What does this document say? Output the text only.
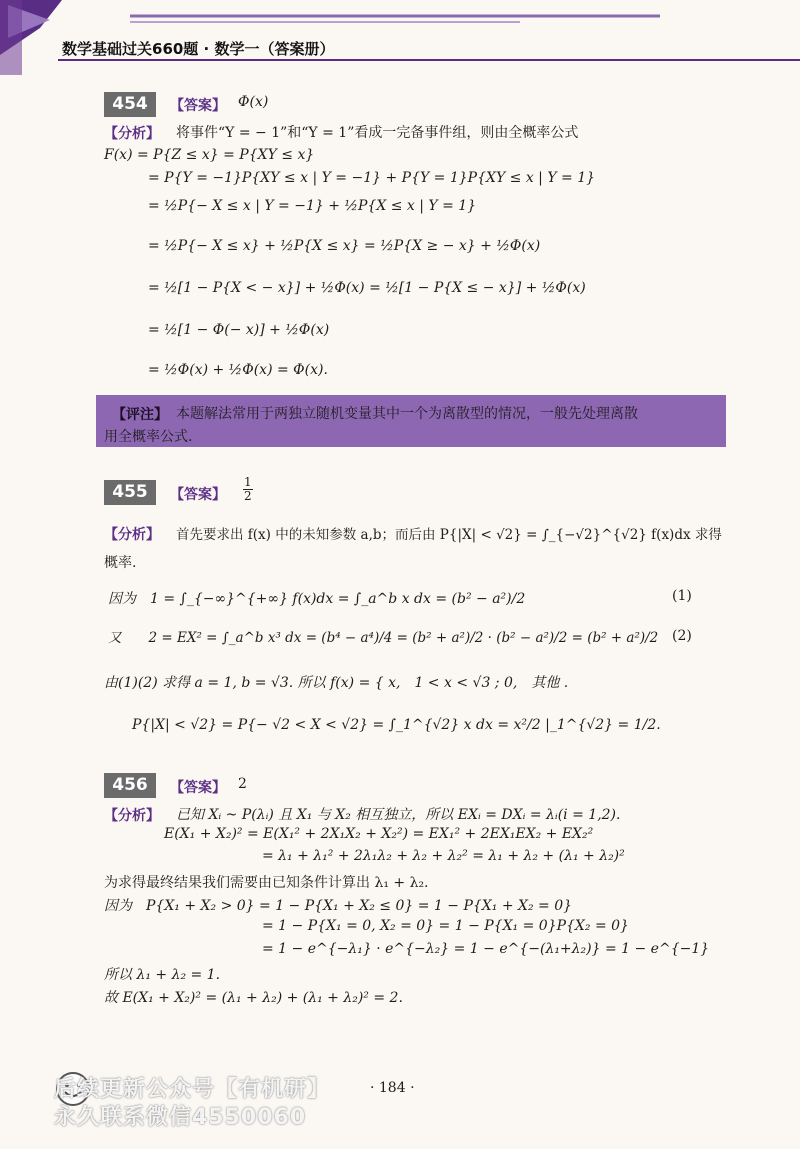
数学基础过关660题 · 数学一（答案册）
454	【答案】 Φ(x)
【分析】 将事件“Y = − 1”和“Y = 1”看成一完备事件组，则由全概率公式
F(x) = P{Z ≤ x} = P{XY ≤ x}
= P{Y = −1}P{XY ≤ x | Y = −1} + P{Y = 1}P{XY ≤ x | Y = 1}
= ½P{− X ≤ x | Y = −1} + ½P{X ≤ x | Y = 1}
= ½P{− X ≤ x} + ½P{X ≤ x} = ½P{X ≥ − x} + ½Φ(x)
= ½[1 − P{X < − x}] + ½Φ(x) = ½[1 − P{X ≤ − x}] + ½Φ(x)
= ½[1 − Φ(− x)] + ½Φ(x)
= ½Φ(x) + ½Φ(x) = Φ(x).
【评注】 本题解法常用于两独立随机变量其中一个为离散型的情况，一般先处理离散
用全概率公式.
455	【答案】 $\frac{1}{2}$
【分析】 首先要求出 f(x) 中的未知参数 a,b；而后由 P{|X| < √2} = ∫_{−√2}^{√2} f(x)dx 求得
概率.
因为　1 = ∫_{−∞}^{+∞} f(x)dx = ∫_a^b x dx = (b² − a²)/2	(1)
又　　2 = EX² = ∫_a^b x³ dx = (b⁴ − a⁴)/4 = (b² + a²)/2 · (b² − a²)/2 = (b² + a²)/2 (2)
由(1)(2) 求得 a = 1, b = √3. 所以 f(x) = { x,　1 < x < √3 ; 0,　其他 .
P{|X| < √2} = P{− √2 < X < √2} = ∫_1^{√2} x dx = x²/2 |_1^{√2} = 1/2.
456	【答案】 2
【分析】 已知 Xᵢ ~ P(λᵢ) 且 X₁ 与 X₂ 相互独立，所以 EXᵢ = DXᵢ = λᵢ(i = 1,2).
E(X₁ + X₂)² = E(X₁² + 2X₁X₂ + X₂²) = EX₁² + 2EX₁EX₂ + EX₂²
= λ₁ + λ₁² + 2λ₁λ₂ + λ₂ + λ₂² = λ₁ + λ₂ + (λ₁ + λ₂)²
为求得最终结果我们需要由已知条件计算出 λ₁ + λ₂.
因为　P{X₁ + X₂ > 0} = 1 − P{X₁ + X₂ ≤ 0} = 1 − P{X₁ + X₂ = 0}
= 1 − P{X₁ = 0, X₂ = 0} = 1 − P{X₁ = 0}P{X₂ = 0}
= 1 − e^{−λ₁} · e^{−λ₂} = 1 − e^{−(λ₁+λ₂)} = 1 − e^{−1}
所以 λ₁ + λ₂ = 1.
故 E(X₁ + X₂)² = (λ₁ + λ₂) + (λ₁ + λ₂)² = 2.
· 184 ·
后续更新公众号【有机研】
永久联系微信4550060
